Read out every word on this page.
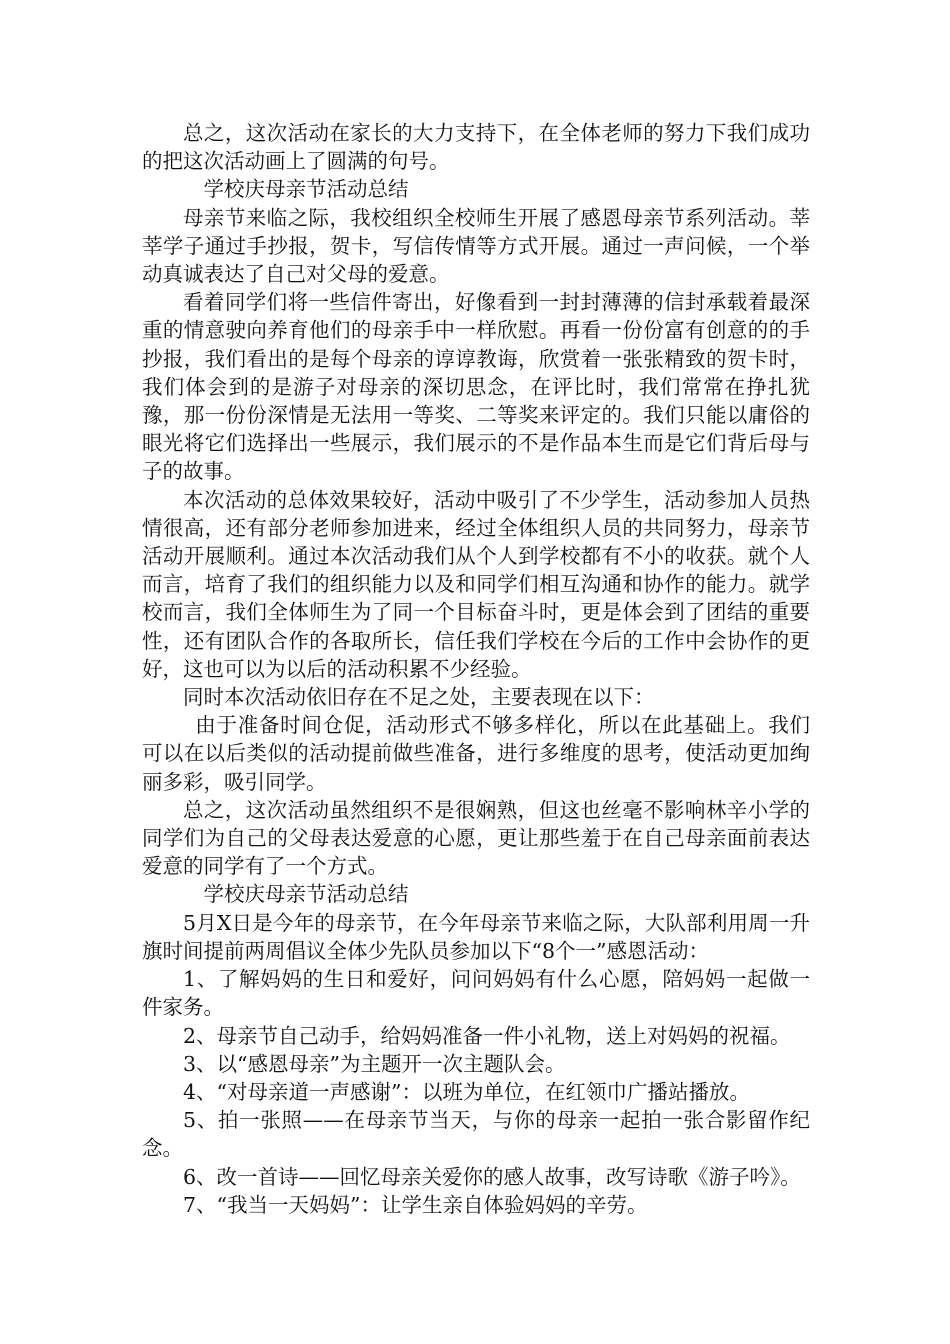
总之，这次活动在家长的大力支持下，在全体老师的努力下我们成功的把这次活动画上了圆满的句号。

学校庆母亲节活动总结

母亲节来临之际，我校组织全校师生开展了感恩母亲节系列活动。莘莘学子通过手抄报，贺卡，写信传情等方式开展。通过一声问候，一个举动真诚表达了自己对父母的爱意。

看着同学们将一些信件寄出，好像看到一封封薄薄的信封承载着最深重的情意驶向养育他们的母亲手中一样欣慰。再看一份份富有创意的的手抄报，我们看出的是每个母亲的谆谆教诲，欣赏着一张张精致的贺卡时，我们体会到的是游子对母亲的深切思念，在评比时，我们常常在挣扎犹豫，那一份份深情是无法用一等奖、二等奖来评定的。我们只能以庸俗的眼光将它们选择出一些展示，我们展示的不是作品本生而是它们背后母与子的故事。

本次活动的总体效果较好，活动中吸引了不少学生，活动参加人员热情很高，还有部分老师参加进来，经过全体组织人员的共同努力，母亲节活动开展顺利。通过本次活动我们从个人到学校都有不小的收获。就个人而言，培育了我们的组织能力以及和同学们相互沟通和协作的能力。就学校而言，我们全体师生为了同一个目标奋斗时，更是体会到了团结的重要性，还有团队合作的各取所长，信任我们学校在今后的工作中会协作的更好，这也可以为以后的活动积累不少经验。

同时本次活动依旧存在不足之处，主要表现在以下：

由于准备时间仓促，活动形式不够多样化，所以在此基础上。我们可以在以后类似的活动提前做些准备，进行多维度的思考，使活动更加绚丽多彩，吸引同学。

总之，这次活动虽然组织不是很娴熟，但这也丝毫不影响林辛小学的同学们为自己的父母表达爱意的心愿，更让那些羞于在自己母亲面前表达爱意的同学有了一个方式。

学校庆母亲节活动总结

5月X日是今年的母亲节，在今年母亲节来临之际，大队部利用周一升旗时间提前两周倡议全体少先队员参加以下“8个一”感恩活动：

1、了解妈妈的生日和爱好，问问妈妈有什么心愿，陪妈妈一起做一件家务。

2、母亲节自己动手，给妈妈准备一件小礼物，送上对妈妈的祝福。

3、以“感恩母亲”为主题开一次主题队会。

4、“对母亲道一声感谢”：以班为单位，在红领巾广播站播放。

5、拍一张照——在母亲节当天，与你的母亲一起拍一张合影留作纪念。

6、改一首诗——回忆母亲关爱你的感人故事，改写诗歌《游子吟》。

7、“我当一天妈妈”：让学生亲自体验妈妈的辛劳。
